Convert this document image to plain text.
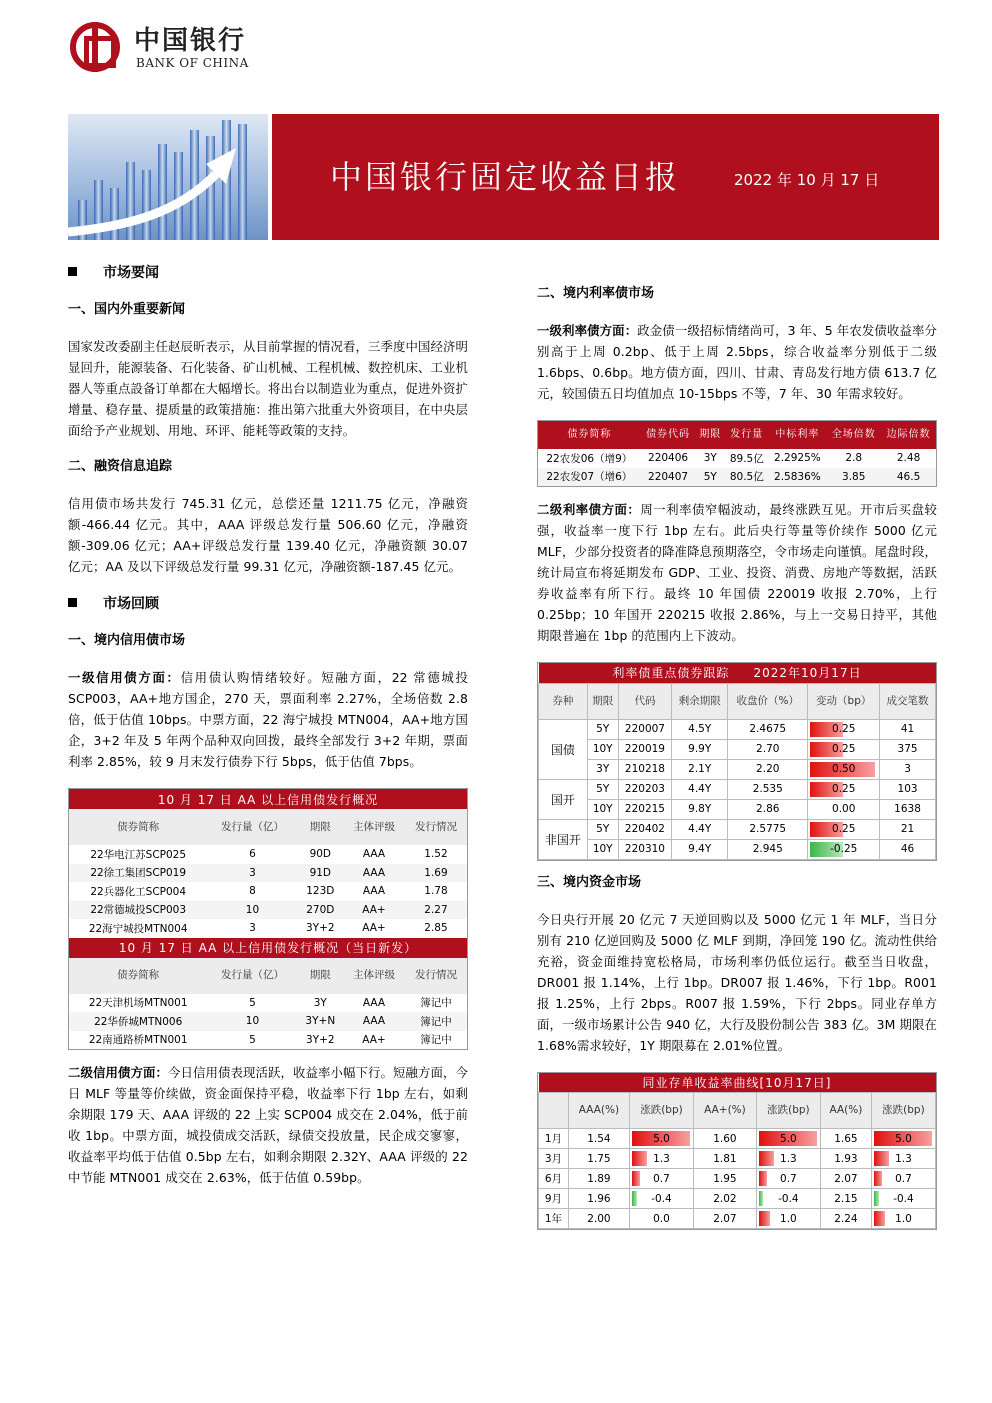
中国银行
BANK OF CHINA
中国银行固定收益日报	2022 年 10 月 17 日
市场要闻
一、国内外重要新闻
国家发改委副主任赵辰昕表示，从目前掌握的情况看，三季度中国经济明显回升，能源装备、石化装备、矿山机械、工程机械、数控机床、工业机器人等重点設备订单都在大幅增长。将出台以制造业为重点，促进外资扩增量、稳存量、提质量的政策措施：推出第六批重大外资项目，在中央层面给予产业规划、用地、环评、能耗等政策的支持。
二、融资信息追踪
信用债市场共发行 745.31 亿元，总偿还量 1211.75 亿元，净融资额-466.44 亿元。其中，AAA 评级总发行量 506.60 亿元，净融资额-309.06 亿元；AA+评级总发行量 139.40 亿元，净融资额 30.07 亿元；AA 及以下评级总发行量 99.31 亿元，净融资额-187.45 亿元。
市场回顾
一、境内信用债市场
一级信用债方面：信用债认购情绪较好。短融方面，22 常德城投 SCP003，AA+地方国企，270 天，票面利率 2.27%，全场倍数 2.8 倍，低于估值 10bps。中票方面，22 海宁城投 MTN004，AA+地方国企，3+2 年及 5 年两个品种双向回拨，最终全部发行 3+2 年期，票面利率 2.85%，较 9 月末发行债券下行 5bps，低于估值 7bps。
10 月 17 日 AA 以上信用债发行概况				
债券简称	发行量（亿）	期限	主体评级	发行情况
22华电江苏SCP025	6	90D	AAA	1.52
22徐工集团SCP019	3	91D	AAA	1.69
22兵器化工SCP004	8	123D	AAA	1.78
22常德城投SCP003	10	270D	AA+	2.27
22海宁城投MTN004	3	3Y+2	AA+	2.85
10 月 17 日 AA 以上信用债发行概况（当日新发）				
债券简称	发行量（亿）	期限	主体评级	发行情况
22天津机场MTN001	5	3Y	AAA	簿记中
22华侨城MTN006	10	3Y+N	AAA	簿记中
22南通路桥MTN001	5	3Y+2	AA+	簿记中
二级信用债方面：今日信用债表现活跃，收益率小幅下行。短融方面，今日 MLF 等量等价续做，资金面保持平稳，收益率下行 1bp 左右，如剩余期限 179 天、AAA 评级的 22 上实 SCP004 成交在 2.04%，低于前收 1bp。中票方面，城投债成交活跃，绿债交投放量，民企成交寥寥，收益率平均低于估值 0.5bp 左右，如剩余期限 2.32Y、AAA 评级的 22 中节能 MTN001 成交在 2.63%，低于估值 0.59bp。
二、境内利率债市场
一级利率债方面：政金债一级招标情绪尚可，3 年、5 年农发债收益率分别高于上周 0.2bp、低于上周 2.5bps，综合收益率分别低于二级 1.6bps、0.6bp。地方债方面，四川、甘肃、青岛发行地方债 613.7 亿元，较国债五日均值加点 10-15bps 不等，7 年、30 年需求较好。
债券简称	债券代码	期限	发行量	中标利率	全场倍数	边际倍数
22农发06（增9）	220406	3Y	89.5亿	2.2925%	2.8	2.48
22农发07（增6）	220407	5Y	80.5亿	2.5836%	3.85	46.5
二级利率债方面：周一利率债窄幅波动，最终涨跌互见。开市后买盘较强，收益率一度下行 1bp 左右。此后央行等量等价续作 5000 亿元 MLF，少部分投资者的降准降息预期落空，令市场走向谨慎。尾盘时段，统计局宣布将延期发布 GDP、工业、投资、消费、房地产等数据，活跃券收益率有所下行。最终 10 年国债 220019 收报 2.70%，上行 0.25bp；10 年国开 220215 收报 2.86%，与上一交易日持平，其他期限普遍在 1bp 的范围内上下波动。
利率债重点债券跟踪 2022年10月17日						
券种	期限	代码	剩余期限	收盘价（%）	变动（bp）	成交笔数
国债	5Y	220007	4.5Y	2.4675	0.25	41
	10Y	220019	9.9Y	2.70	0.25	375
	3Y	210218	2.1Y	2.20	0.50	3
国开	5Y	220203	4.4Y	2.535	0.25	103
	10Y	220215	9.8Y	2.86	0.00	1638
非国开	5Y	220402	4.4Y	2.5775	0.25	21
	10Y	220310	9.4Y	2.945	-0.25	46
三、境内资金市场
今日央行开展 20 亿元 7 天逆回购以及 5000 亿元 1 年 MLF，当日分别有 210 亿逆回购及 5000 亿 MLF 到期，净回笼 190 亿。流动性供给充裕，资金面维持宽松格局，市场利率仍低位运行。截至当日收盘，DR001 报 1.14%，上行 1bp。DR007 报 1.46%，下行 1bp。R001 报 1.25%，上行 2bps。R007 报 1.59%，下行 2bps。同业存单方面，一级市场累计公告 940 亿，大行及股份制公告 383 亿。3M 期限在 1.68%需求较好，1Y 期限募在 2.01%位置。
同业存单收益率曲线[10月17日]						
	AAA(%)	涨跌(bp)	AA+(%)	涨跌(bp)	AA(%)	涨跌(bp)
1月	1.54	5.0	1.60	5.0	1.65	5.0
3月	1.75	1.3	1.81	1.3	1.93	1.3
6月	1.89	0.7	1.95	0.7	2.07	0.7
9月	1.96	-0.4	2.02	-0.4	2.15	-0.4
1年	2.00	0.0	2.07	1.0	2.24	1.0
